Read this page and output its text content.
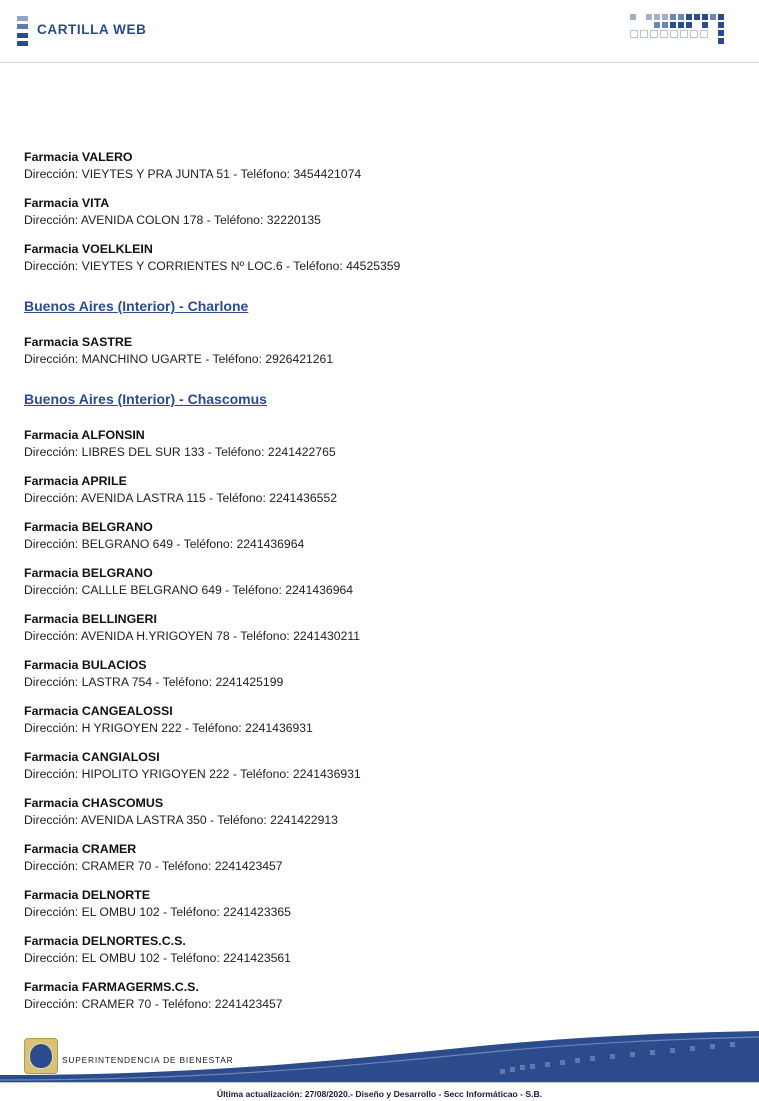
CARTILLA WEB

Farmacia VALERO

Dirección: VIEYTES Y PRA JUNTA 51 - Teléfono: 3454421074

Farmacia VITA

Dirección: AVENIDA COLON 178 - Teléfono: 32220135

Farmacia VOELKLEIN

Dirección: VIEYTES Y CORRIENTES Nº LOC.6 - Teléfono: 44525359

Buenos Aires (Interior) - Charlone

Farmacia SASTRE

Dirección: MANCHINO UGARTE - Teléfono: 2926421261

Buenos Aires (Interior) - Chascomus

Farmacia ALFONSIN

Dirección: LIBRES DEL SUR 133 - Teléfono: 2241422765

Farmacia APRILE

Dirección: AVENIDA LASTRA 115 - Teléfono: 2241436552

Farmacia BELGRANO

Dirección: BELGRANO 649 - Teléfono: 2241436964

Farmacia BELGRANO

Dirección: CALLLE BELGRANO 649 - Teléfono: 2241436964

Farmacia BELLINGERI

Dirección: AVENIDA H.YRIGOYEN 78 - Teléfono: 2241430211

Farmacia BULACIOS

Dirección: LASTRA 754 - Teléfono: 2241425199

Farmacia CANGEALOSSI

Dirección: H YRIGOYEN 222 - Teléfono: 2241436931

Farmacia CANGIALOSI

Dirección: HIPOLITO YRIGOYEN 222 - Teléfono: 2241436931

Farmacia CHASCOMUS

Dirección: AVENIDA LASTRA 350 - Teléfono: 2241422913

Farmacia CRAMER

Dirección: CRAMER 70 - Teléfono: 2241423457

Farmacia DELNORTE

Dirección: EL OMBU 102 - Teléfono: 2241423365

Farmacia DELNORTES.C.S.

Dirección: EL OMBU 102 - Teléfono: 2241423561

Farmacia FARMAGERMS.C.S.

Dirección: CRAMER 70 - Teléfono: 2241423457

SUPERINTENDENCIA DE BIENESTAR
Última actualización: 27/08/2020.- Diseño y Desarrollo - Secc Informáticao - S.B.
